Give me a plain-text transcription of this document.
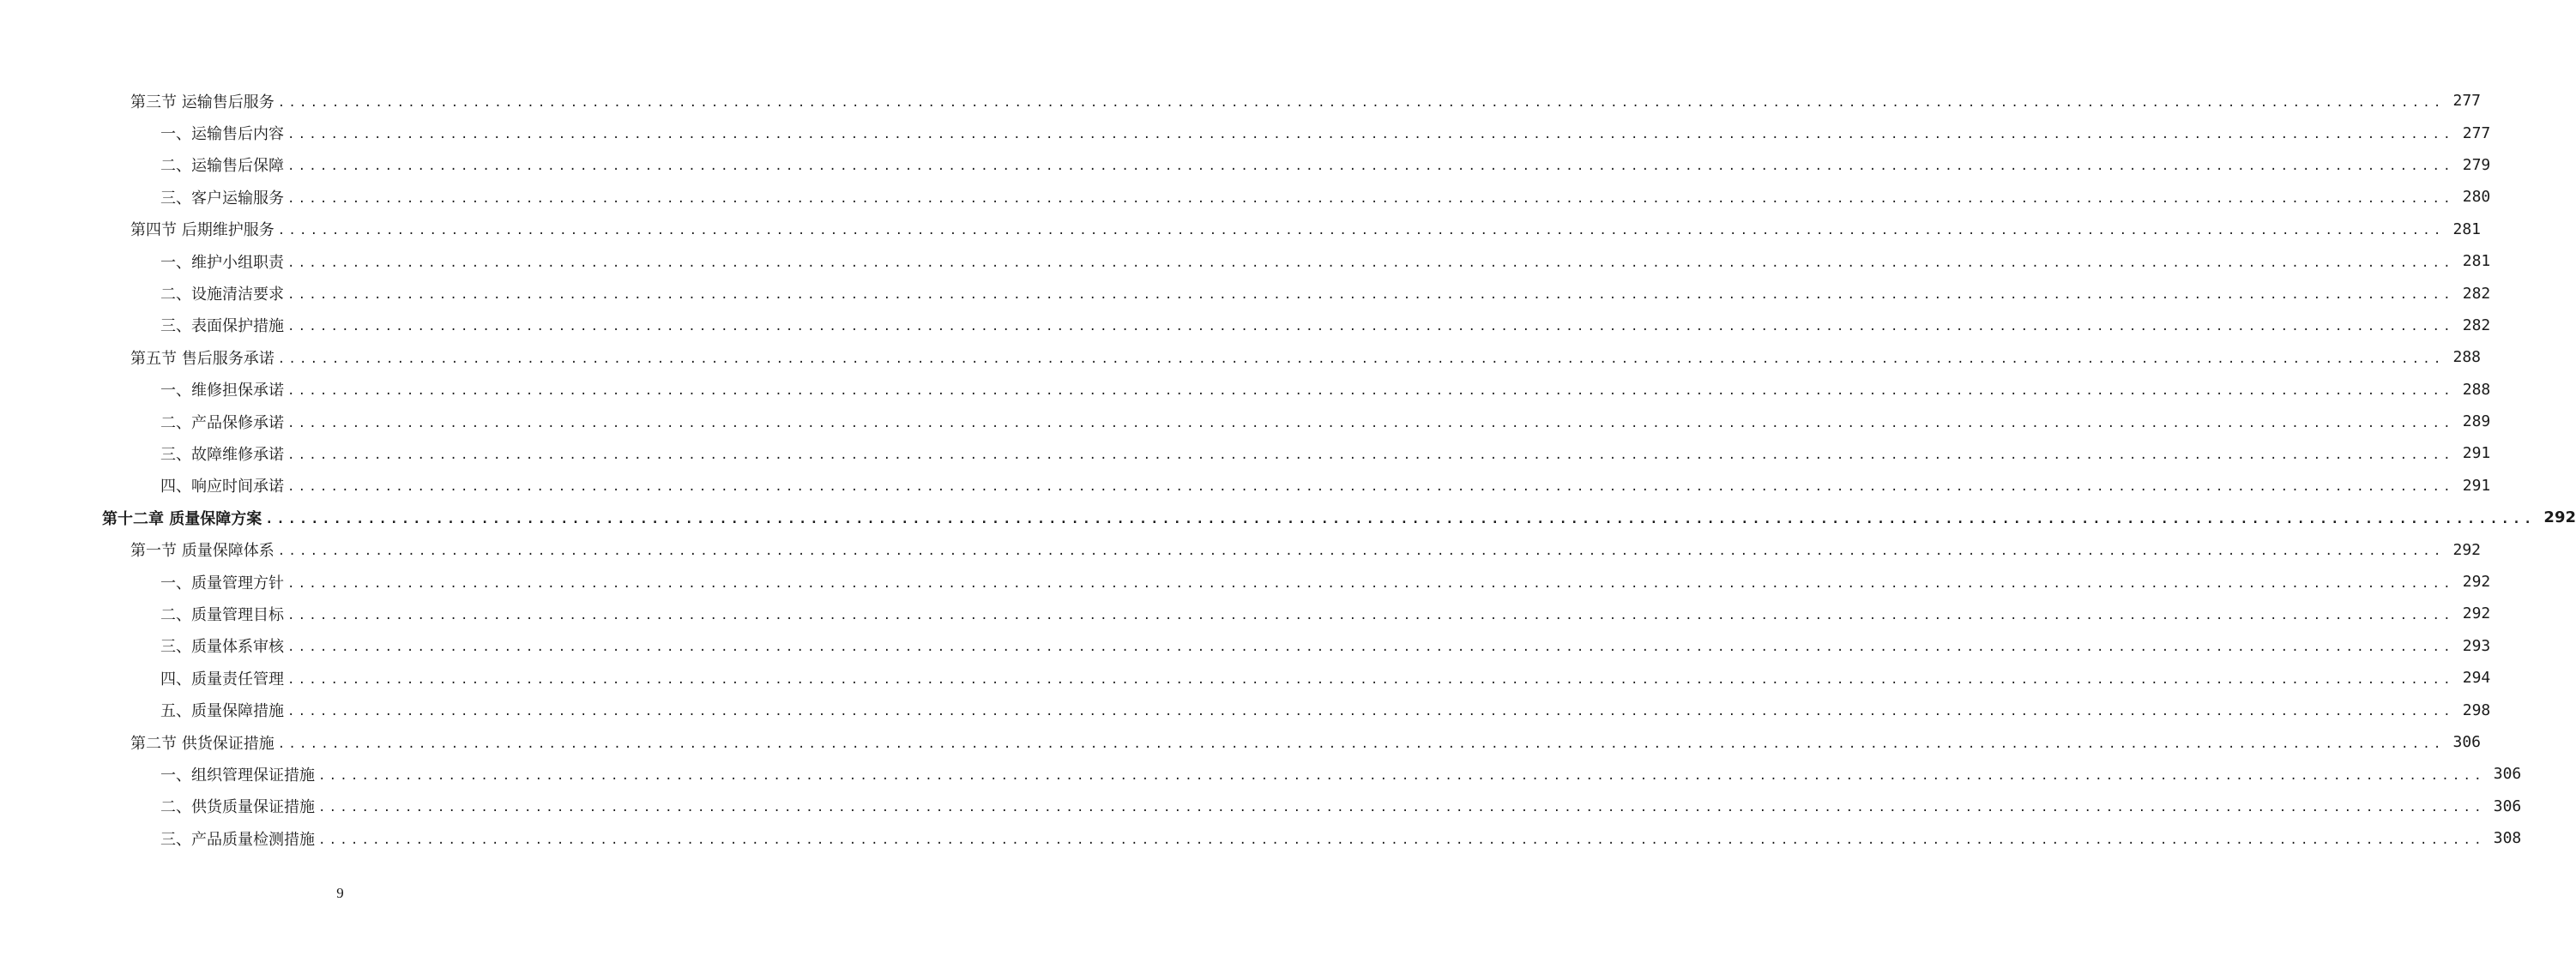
第三节 运输售后服务 ........................................................................................................................................................................................................ 277
一、运输售后内容 ........................................................................................................................................................................................................ 277
二、运输售后保障 ........................................................................................................................................................................................................ 279
三、客户运输服务 ........................................................................................................................................................................................................ 280
第四节 后期维护服务 ........................................................................................................................................................................................................ 281
一、维护小组职责 ........................................................................................................................................................................................................ 281
二、设施清洁要求 ........................................................................................................................................................................................................ 282
三、表面保护措施 ........................................................................................................................................................................................................ 282
第五节 售后服务承诺 ........................................................................................................................................................................................................ 288
一、维修担保承诺 ........................................................................................................................................................................................................ 288
二、产品保修承诺 ........................................................................................................................................................................................................ 289
三、故障维修承诺 ........................................................................................................................................................................................................ 291
四、响应时间承诺 ........................................................................................................................................................................................................ 291
第十二章 质量保障方案 ........................................................................................................................................................................................................ 292
第一节 质量保障体系 ........................................................................................................................................................................................................ 292
一、质量管理方针 ........................................................................................................................................................................................................ 292
二、质量管理目标 ........................................................................................................................................................................................................ 292
三、质量体系审核 ........................................................................................................................................................................................................ 293
四、质量责任管理 ........................................................................................................................................................................................................ 294
五、质量保障措施 ........................................................................................................................................................................................................ 298
第二节 供货保证措施 ........................................................................................................................................................................................................ 306
一、组织管理保证措施 ........................................................................................................................................................................................................ 306
二、供货质量保证措施 ........................................................................................................................................................................................................ 306
三、产品质量检测措施 ........................................................................................................................................................................................................ 308
9
